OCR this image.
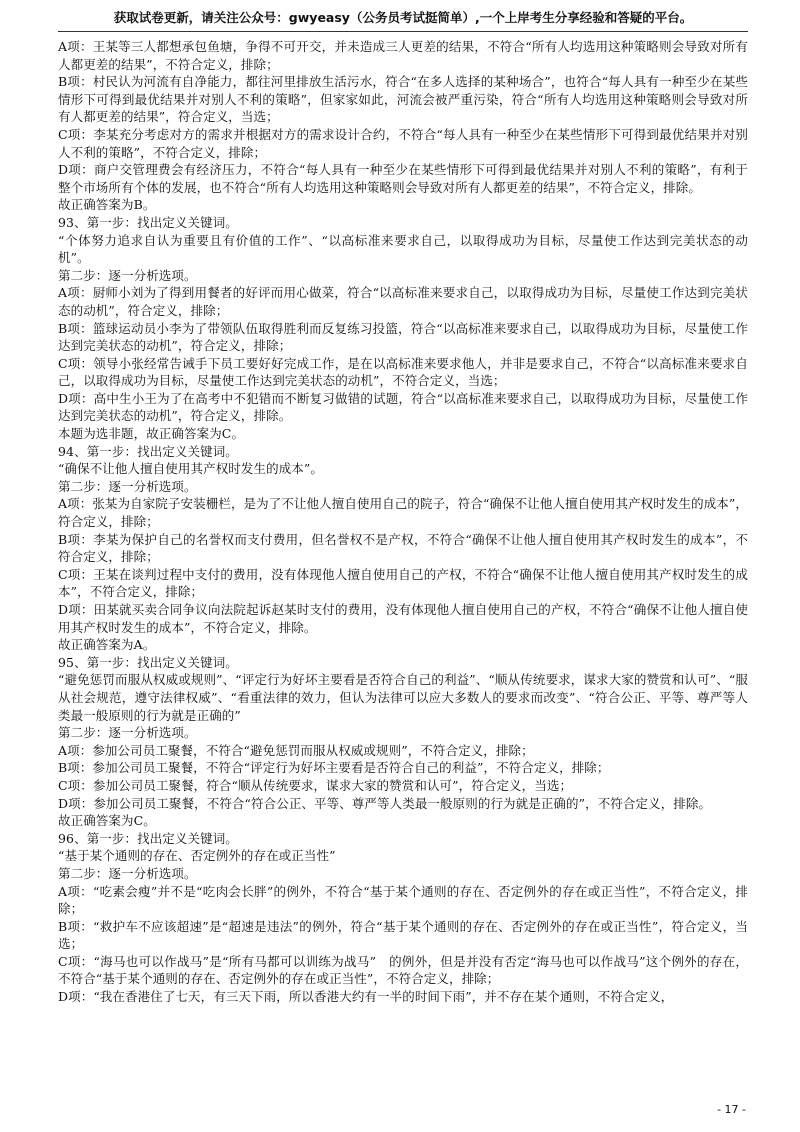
获取试卷更新，请关注公众号：gwyeasy（公务员考试挺简单）,一个上岸考生分享经验和答疑的平台。

A项：王某等三人都想承包鱼塘，争得不可开交，并未造成三人更差的结果，不符合“所有人均选用这种策略则会导致对所有人都更差的结果”，不符合定义，排除；

B项：村民认为河流有自净能力，都往河里排放生活污水，符合“在多人选择的某种场合”，也符合“每人具有一种至少在某些情形下可得到最优结果并对别人不利的策略”，但家家如此，河流会被严重污染，符合“所有人均选用这种策略则会导致对所有人都更差的结果”，符合定义，当选；

C项：李某充分考虑对方的需求并根据对方的需求设计合约，不符合“每人具有一种至少在某些情形下可得到最优结果并对别人不利的策略”，不符合定义，排除；

D项：商户交管理费会有经济压力，不符合“每人具有一种至少在某些情形下可得到最优结果并对别人不利的策略”，有利于整个市场所有个体的发展，也不符合“所有人均选用这种策略则会导致对所有人都更差的结果”，不符合定义，排除。

故正确答案为B。

93、第一步：找出定义关键词。

“个体努力追求自认为重要且有价值的工作”、“以高标准来要求自己，以取得成功为目标，尽量使工作达到完美状态的动机”。

第二步：逐一分析选项。

A项：厨师小刘为了得到用餐者的好评而用心做菜，符合“以高标准来要求自己，以取得成功为目标，尽量使工作达到完美状态的动机”，符合定义，排除；

B项：篮球运动员小李为了带领队伍取得胜利而反复练习投篮，符合“以高标准来要求自己，以取得成功为目标，尽量使工作达到完美状态的动机”，符合定义，排除；

C项：领导小张经常告诫手下员工要好好完成工作，是在以高标准来要求他人，并非是要求自己，不符合“以高标准来要求自己，以取得成功为目标，尽量使工作达到完美状态的动机”，不符合定义，当选；

D项：高中生小王为了在高考中不犯错而不断复习做错的试题，符合“以高标准来要求自己，以取得成功为目标，尽量使工作达到完美状态的动机”，符合定义，排除。

本题为选非题，故正确答案为C。

94、第一步：找出定义关键词。

“确保不让他人擅自使用其产权时发生的成本”。

第二步：逐一分析选项。

A项：张某为自家院子安装栅栏，是为了不让他人擅自使用自己的院子，符合“确保不让他人擅自使用其产权时发生的成本”，符合定义，排除；

B项：李某为保护自己的名誉权而支付费用，但名誉权不是产权，不符合“确保不让他人擅自使用其产权时发生的成本”，不符合定义，排除；

C项：王某在谈判过程中支付的费用，没有体现他人擅自使用自己的产权，不符合“确保不让他人擅自使用其产权时发生的成本”，不符合定义，排除；

D项：田某就买卖合同争议向法院起诉赵某时支付的费用，没有体现他人擅自使用自己的产权，不符合“确保不让他人擅自使用其产权时发生的成本”，不符合定义，排除。

故正确答案为A。

95、第一步：找出定义关键词。

“避免惩罚而服从权威或规则”、“评定行为好坏主要看是否符合自己的利益”、“顺从传统要求，谋求大家的赞赏和认可”、“服从社会规范，遵守法律权威”、“看重法律的效力，但认为法律可以应大多数人的要求而改变”、“符合公正、平等、尊严等人类最一般原则的行为就是正确的”

第二步：逐一分析选项。

A项：参加公司员工聚餐，不符合“避免惩罚而服从权威或规则”，不符合定义，排除；

B项：参加公司员工聚餐，不符合“评定行为好坏主要看是否符合自己的利益”，不符合定义，排除；

C项：参加公司员工聚餐，符合“顺从传统要求，谋求大家的赞赏和认可”，符合定义，当选；

D项：参加公司员工聚餐，不符合“符合公正、平等、尊严等人类最一般原则的行为就是正确的”，不符合定义，排除。

故正确答案为C。

96、第一步：找出定义关键词。

“基于某个通则的存在、否定例外的存在或正当性”

第二步：逐一分析选项。

A项：“吃素会瘦”并不是“吃肉会长胖”的例外，不符合“基于某个通则的存在、否定例外的存在或正当性”，不符合定义，排除；

B项：“救护车不应该超速”是“超速是违法”的例外，符合“基于某个通则的存在、否定例外的存在或正当性”，符合定义，当选；

C项：“海马也可以作战马”是“所有马都可以训练为战马”　的例外，但是并没有否定“海马也可以作战马”这个例外的存在，不符合“基于某个通则的存在、否定例外的存在或正当性”，不符合定义，排除；

D项：“我在香港住了七天，有三天下雨，所以香港大约有一半的时间下雨”，并不存在某个通则，不符合定义，

- 17 -
